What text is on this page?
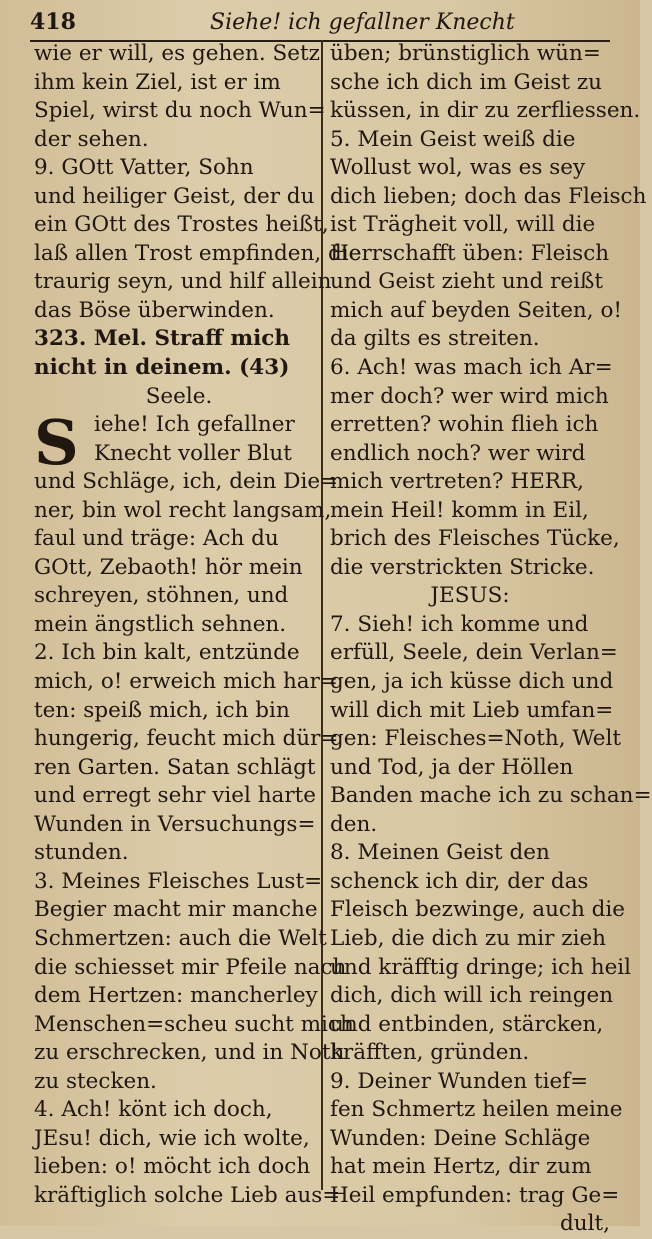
418	Siehe! ich gefallner Knecht
wie er will, es gehen. Setz
ihm kein Ziel, ist er im
Spiel, wirst du noch Wun=
der sehen.
9. GOtt Vatter, Sohn
und heiliger Geist, der du
ein GOtt des Trostes heißt,
laß allen Trost empfinden, die
traurig seyn, und hilf allein
das Böse überwinden.
323. Mel. Straff mich
nicht in deinem. (43)
Seele.
S iehe! Ich gefallner
Knecht voller Blut
und Schläge, ich, dein Die=
ner, bin wol recht langsam,
faul und träge: Ach du
GOtt, Zebaoth! hör mein
schreyen, stöhnen, und
mein ängstlich sehnen.
2. Ich bin kalt, entzünde
mich, o! erweich mich har=
ten: speiß mich, ich bin
hungerig, feucht mich dür=
ren Garten. Satan schlägt
und erregt sehr viel harte
Wunden in Versuchungs=
stunden.
3. Meines Fleisches Lust=
Begier macht mir manche
Schmertzen: auch die Welt
die schiesset mir Pfeile nach
dem Hertzen: mancherley
Menschen=scheu sucht mich
zu erschrecken, und in Noth
zu stecken.
4. Ach! könt ich doch,
JEsu! dich, wie ich wolte,
lieben: o! möcht ich doch
kräftiglich solche Lieb aus=
üben; brünstiglich wün=
sche ich dich im Geist zu
küssen, in dir zu zerfliessen.
5. Mein Geist weiß die
Wollust wol, was es sey
dich lieben; doch das Fleisch
ist Trägheit voll, will die
Herrschafft üben: Fleisch
und Geist zieht und reißt
mich auf beyden Seiten, o!
da gilts es streiten.
6. Ach! was mach ich Ar=
mer doch? wer wird mich
erretten? wohin flieh ich
endlich noch? wer wird
mich vertreten? HERR,
mein Heil! komm in Eil,
brich des Fleisches Tücke,
die verstrickten Stricke.
JESUS:
7. Sieh! ich komme und
erfüll, Seele, dein Verlan=
gen, ja ich küsse dich und
will dich mit Lieb umfan=
gen: Fleisches=Noth, Welt
und Tod, ja der Höllen
Banden mache ich zu schan=
den.
8. Meinen Geist den
schenck ich dir, der das
Fleisch bezwinge, auch die
Lieb, die dich zu mir zieh
und kräfftig dringe; ich heil
dich, dich will ich reingen
und entbinden, stärcken,
kräfften, gründen.
9. Deiner Wunden tief=
fen Schmertz heilen meine
Wunden: Deine Schläge
hat mein Hertz, dir zum
Heil empfunden: trag Ge=
dult,
